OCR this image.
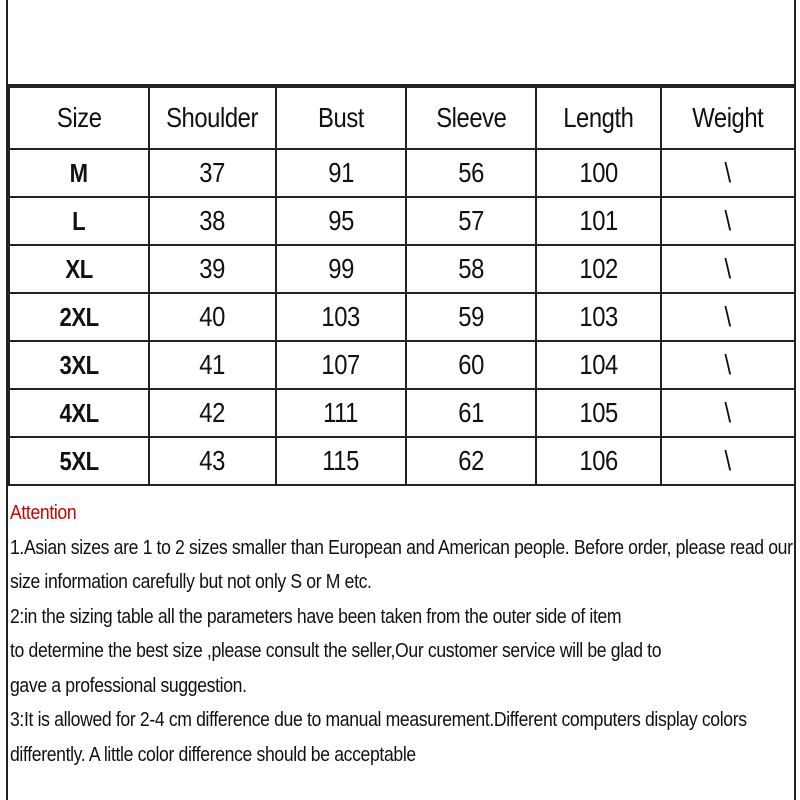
Size	Shoulder	Bust	Sleeve	Length	Weight
M	37	91	56	100	\
L	38	95	57	101	\
XL	39	99	58	102	\
2XL	40	103	59	103	\
3XL	41	107	60	104	\
4XL	42	111	61	105	\
5XL	43	115	62	106	\
Attention
1.Asian sizes are 1 to 2 sizes smaller than European and American people. Before order, please read our
size information carefully but not only S or M etc.
2:in the sizing table all the parameters have been taken from the outer side of item
to determine the best size ,please consult the seller,Our customer service will be glad to
gave a professional suggestion.
3:It is allowed for 2-4 cm difference due to manual measurement.Different computers display colors
differently. A little color difference should be acceptable
